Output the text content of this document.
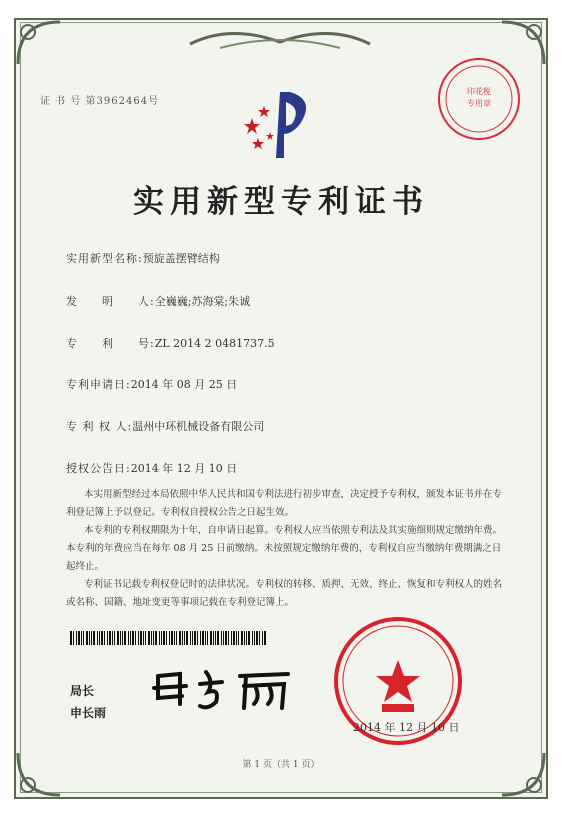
证 书 号 第3962464号
印花税
专用章
实用新型专利证书
实用新型名称:预旋盖摆臂结构
发　　明　　人:全巍巍;苏海棠;朱诚
专　　利　　号:ZL 2014 2 0481737.5
专利申请日:2014 年 08 月 25 日
专 利 权 人:温州中环机械设备有限公司
授权公告日:2014 年 12 月 10 日

本实用新型经过本局依照中华人民共和国专利法进行初步审查，决定授予专利权，颁发本证书并在专利登记簿上予以登记。专利权自授权公告之日起生效。

本专利的专利权期限为十年，自申请日起算。专利权人应当依照专利法及其实施细则规定缴纳年费。本专利的年费应当在每年 08 月 25 日前缴纳。未按照规定缴纳年费的，专利权自应当缴纳年费期满之日起终止。

专利证书记载专利权登记时的法律状况。专利权的转移、质押、无效、终止、恢复和专利权人的姓名或名称、国籍、地址变更等事项记载在专利登记簿上。

局长
申长雨
2014 年 12 月 10 日
第 1 页（共 1 页）
